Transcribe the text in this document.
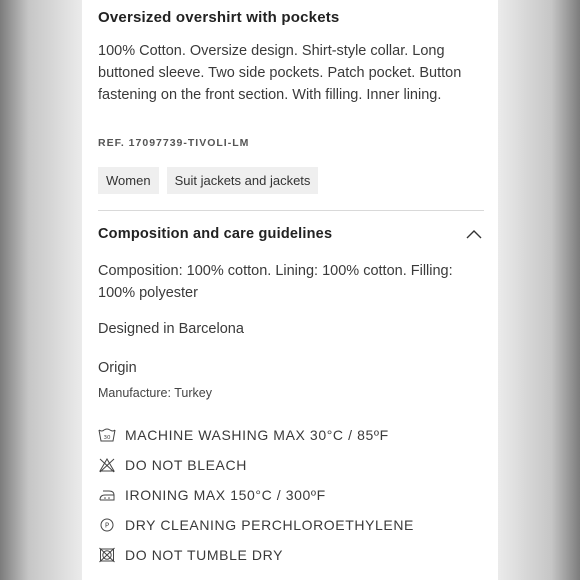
Oversized overshirt with pockets
100% Cotton. Oversize design. Shirt-style collar. Long buttoned sleeve. Two side pockets. Patch pocket. Button fastening on the front section. With filling. Inner lining.
REF. 17097739-TIVOLI-LM
Women	Suit jackets and jackets
Composition and care guidelines
Composition: 100% cotton. Lining: 100% cotton. Filling: 100% polyester
Designed in Barcelona
Origin
Manufacture: Turkey
30 MACHINE WASHING MAX 30°C / 85ºF
DO NOT BLEACH
IRONING MAX 150°C / 300ºF
P DRY CLEANING PERCHLOROETHYLENE
DO NOT TUMBLE DRY
